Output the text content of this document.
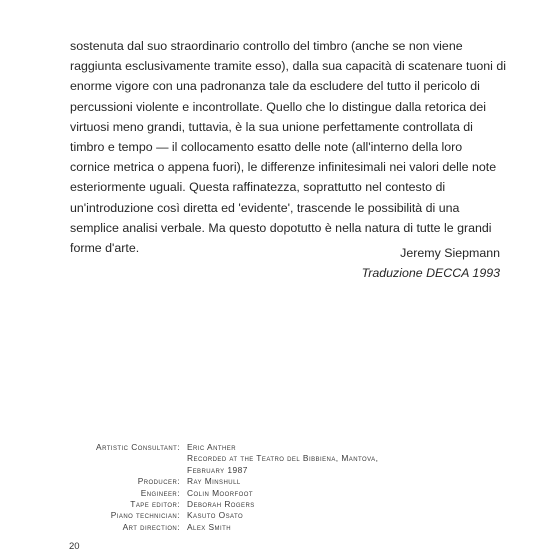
sostenuta dal suo straordinario controllo del timbro (anche se non viene
raggiunta esclusivamente tramite esso), dalla sua capacità di scatenare tuoni di
enorme vigore con una padronanza tale da escludere del tutto il pericolo di
percussioni violente e incontrollate. Quello che lo distingue dalla retorica dei
virtuosi meno grandi, tuttavia, è la sua unione perfettamente controllata di
timbro e tempo — il collocamento esatto delle note (all'interno della loro
cornice metrica o appena fuori), le differenze infinitesimali nei valori delle note
esteriormente uguali. Questa raffinatezza, soprattutto nel contesto di
un'introduzione così diretta ed 'evidente', trascende le possibilità di una
semplice analisi verbale. Ma questo dopotutto è nella natura di tutte le grandi
forme d'arte.	Jeremy Siepmann
Traduzione DECCA 1993
Artistic Consultant: Eric Anther
Recorded at the Teatro del Bibbiena, Mantova,
February 1987
Producer: Ray Minshull
Engineer: Colin Moorfoot
Tape editor: Deborah Rogers
Piano technician: Kasuto Osato
Art direction: Alex Smith
20
